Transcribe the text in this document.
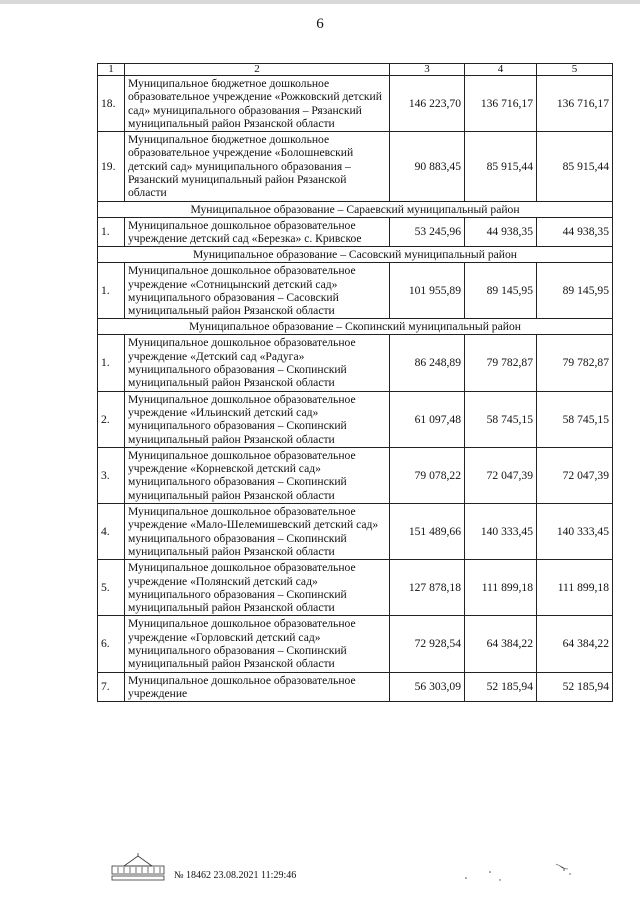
6
1	2	3	4	5
18.	Муниципальное бюджетное дошкольное образовательное учреждение «Рожковский детский сад» муниципального образования – Рязанский муниципальный район Рязанской области	146 223,70	136 716,17	136 716,17
19.	Муниципальное бюджетное дошкольное образовательное учреждение «Болошневский детский сад» муниципального образования – Рязанский муниципальный район Рязанской области	90 883,45	85 915,44	85 915,44
Муниципальное образование – Сараевский муниципальный район				
1.	Муниципальное дошкольное образовательное учреждение детский сад «Березка» с. Кривское	53 245,96	44 938,35	44 938,35
Муниципальное образование – Сасовский муниципальный район				
1.	Муниципальное дошкольное образовательное учреждение «Сотницынский детский сад» муниципального образования – Сасовский муниципальный район Рязанской области	101 955,89	89 145,95	89 145,95
Муниципальное образование – Скопинский муниципальный район				
1.	Муниципальное дошкольное образовательное учреждение «Детский сад «Радуга» муниципального образования – Скопинский муниципальный район Рязанской области	86 248,89	79 782,87	79 782,87
2.	Муниципальное дошкольное образовательное учреждение «Ильинский детский сад» муниципального образования – Скопинский муниципальный район Рязанской области	61 097,48	58 745,15	58 745,15
3.	Муниципальное дошкольное образовательное учреждение «Корневской детский сад» муниципального образования – Скопинский муниципальный район Рязанской области	79 078,22	72 047,39	72 047,39
4.	Муниципальное дошкольное образовательное учреждение «Мало-Шелемишевский детский сад» муниципального образования – Скопинский муниципальный район Рязанской области	151 489,66	140 333,45	140 333,45
5.	Муниципальное дошкольное образовательное учреждение «Полянский детский сад» муниципального образования – Скопинский муниципальный район Рязанской области	127 878,18	111 899,18	111 899,18
6.	Муниципальное дошкольное образовательное учреждение «Горловский детский сад» муниципального образования – Скопинский муниципальный район Рязанской области	72 928,54	64 384,22	64 384,22
7.	Муниципальное дошкольное образовательное учреждение	56 303,09	52 185,94	52 185,94
№ 18462 23.08.2021 11:29:46
